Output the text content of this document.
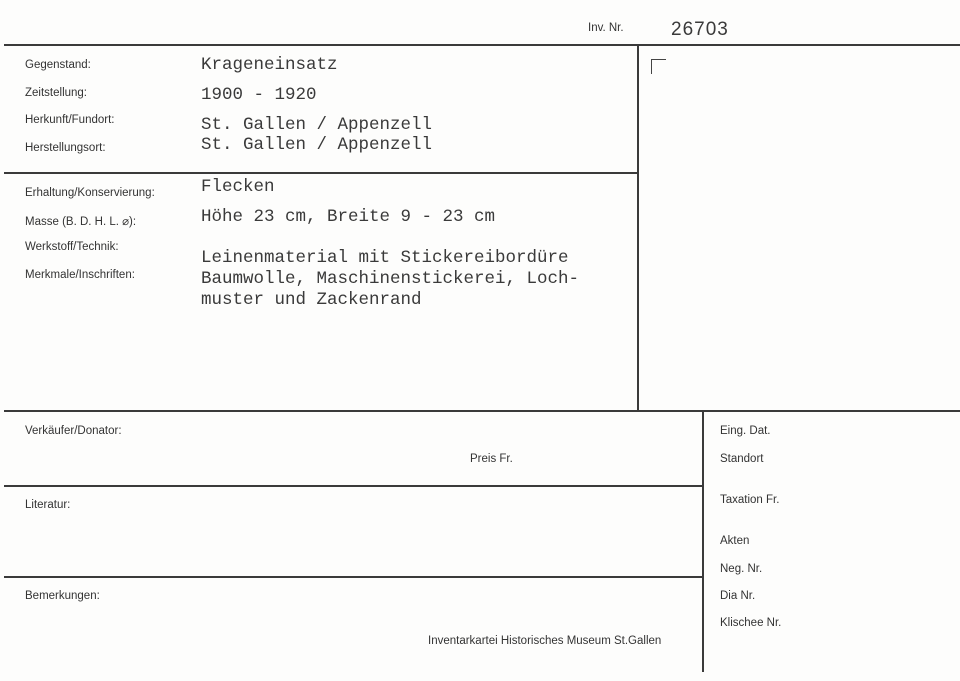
Inv. Nr. 26703
Gegenstand:
Zeitstellung:
Herkunft/Fundort:
Herstellungsort:
Krageneinsatz
1900 - 1920
St. Gallen / Appenzell
St. Gallen / Appenzell
Erhaltung/Konservierung:
Masse (B. D. H. L. ⌀):
Werkstoff/Technik:
Merkmale/Inschriften:
Flecken
Höhe 23 cm, Breite 9 - 23 cm
Leinenmaterial mit Stickereibordüre
Baumwolle, Maschinenstickerei, Loch-
muster und Zackenrand
Verkäufer/Donator:
Preis Fr.
Literatur:
Bemerkungen:
Inventarkartei Historisches Museum St.Gallen
Eing. Dat.
Standort
Taxation Fr.
Akten
Neg. Nr.
Dia Nr.
Klischee Nr.
